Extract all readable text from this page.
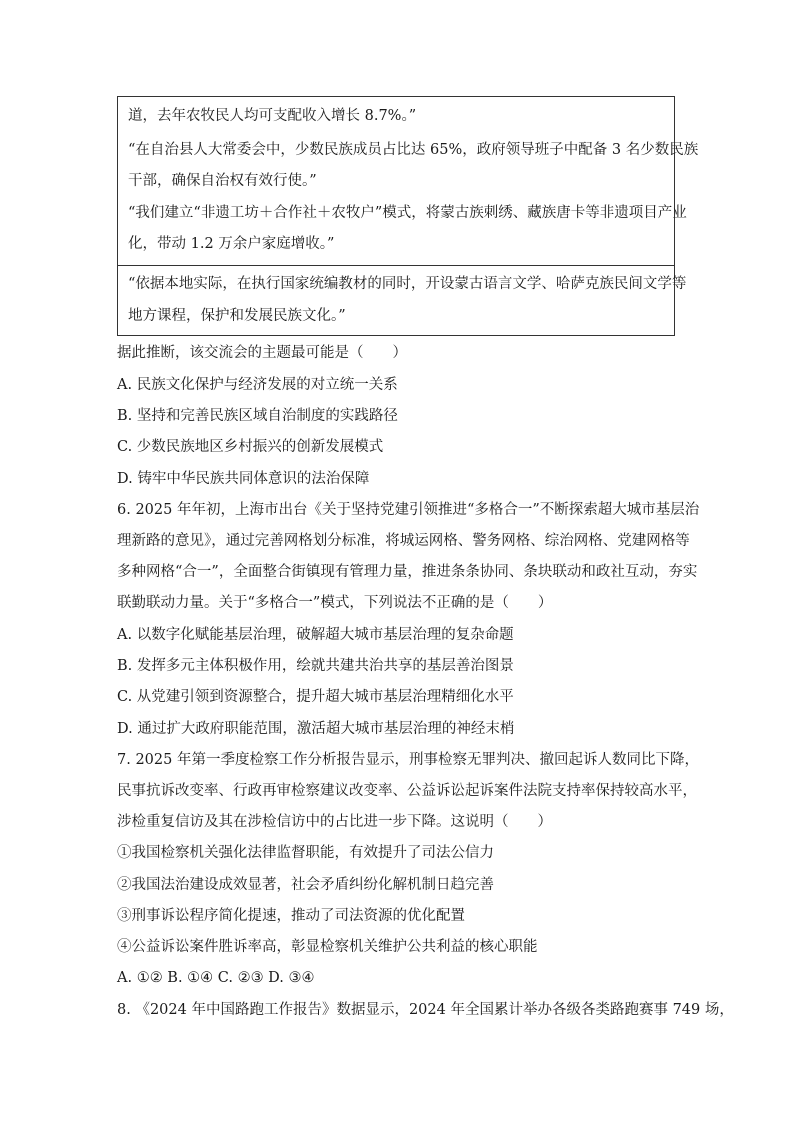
道，去年农牧民人均可支配收入增长 8.7%。”
“在自治县人大常委会中，少数民族成员占比达 65%，政府领导班子中配备 3 名少数民族
干部，确保自治权有效行使。”
“我们建立“非遗工坊＋合作社＋农牧户”模式，将蒙古族刺绣、藏族唐卡等非遗项目产业
化，带动 1.2 万余户家庭增收。”
“依据本地实际，在执行国家统编教材的同时，开设蒙古语言文学、哈萨克族民间文学等
地方课程，保护和发展民族文化。”
据此推断，该交流会的主题最可能是（　　）
A. 民族文化保护与经济发展的对立统一关系
B. 坚持和完善民族区域自治制度的实践路径
C. 少数民族地区乡村振兴的创新发展模式
D. 铸牢中华民族共同体意识的法治保障
6. 2025 年年初，上海市出台《关于坚持党建引领推进“多格合一”不断探索超大城市基层治
理新路的意见》，通过完善网格划分标准，将城运网格、警务网格、综治网格、党建网格等
多种网格“合一”，全面整合街镇现有管理力量，推进条条协同、条块联动和政社互动，夯实
联勤联动力量。关于“多格合一”模式，下列说法不正确的是（　　）
A. 以数字化赋能基层治理，破解超大城市基层治理的复杂命题
B. 发挥多元主体积极作用，绘就共建共治共享的基层善治图景
C. 从党建引领到资源整合，提升超大城市基层治理精细化水平
D. 通过扩大政府职能范围，激活超大城市基层治理的神经末梢
7. 2025 年第一季度检察工作分析报告显示，刑事检察无罪判决、撤回起诉人数同比下降，
民事抗诉改变率、行政再审检察建议改变率、公益诉讼起诉案件法院支持率保持较高水平，
涉检重复信访及其在涉检信访中的占比进一步下降。这说明（　　）
①我国检察机关强化法律监督职能，有效提升了司法公信力
②我国法治建设成效显著，社会矛盾纠纷化解机制日趋完善
③刑事诉讼程序简化提速，推动了司法资源的优化配置
④公益诉讼案件胜诉率高，彰显检察机关维护公共利益的核心职能
A. ①② B. ①④ C. ②③ D. ③④
8. 《2024 年中国路跑工作报告》数据显示，2024 年全国累计举办各级各类路跑赛事 749 场，
